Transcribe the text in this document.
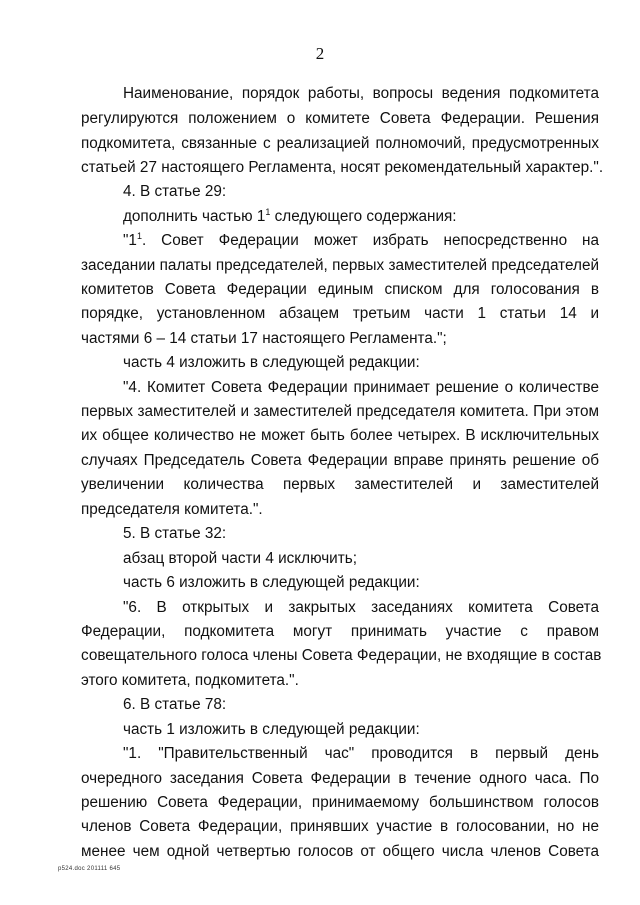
2
Наименование, порядок работы, вопросы ведения подкомитета
регулируются положением о комитете Совета Федерации. Решения
подкомитета, связанные с реализацией полномочий, предусмотренных
статьей 27 настоящего Регламента, носят рекомендательный характер.".
4. В статье 29:
дополнить частью $1^1$ следующего содержания:
"$1^1$. Совет Федерации может избрать непосредственно на
заседании палаты председателей, первых заместителей председателей
комитетов Совета Федерации единым списком для голосования в
порядке, установленном абзацем третьим части 1 статьи 14 и
частями 6 – 14 статьи 17 настоящего Регламента.";
часть 4 изложить в следующей редакции:
"4. Комитет Совета Федерации принимает решение о количестве
первых заместителей и заместителей председателя комитета. При этом
их общее количество не может быть более четырех. В исключительных
случаях Председатель Совета Федерации вправе принять решение об
увеличении количества первых заместителей и заместителей
председателя комитета.".
5. В статье 32:
абзац второй части 4 исключить;
часть 6 изложить в следующей редакции:
"6. В открытых и закрытых заседаниях комитета Совета
Федерации, подкомитета могут принимать участие с правом
совещательного голоса члены Совета Федерации, не входящие в состав
этого комитета, подкомитета.".
6. В статье 78:
часть 1 изложить в следующей редакции:
"1. "Правительственный час" проводится в первый день
очередного заседания Совета Федерации в течение одного часа. По
решению Совета Федерации, принимаемому большинством голосов
членов Совета Федерации, принявших участие в голосовании, но не
менее чем одной четвертью голосов от общего числа членов Совета
р524.doc 201111 645
